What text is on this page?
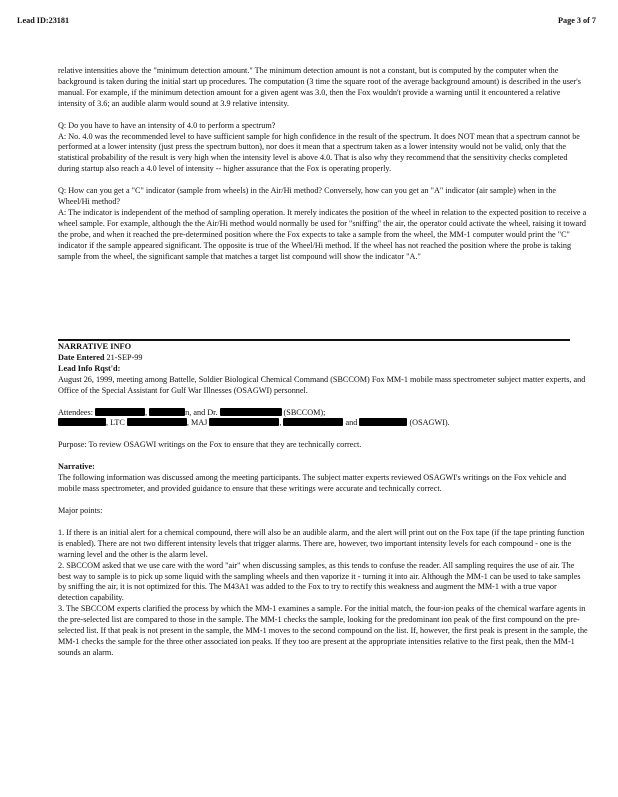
Lead ID:23181	Page 3 of 7

relative intensities above the "minimum detection amount." The minimum detection amount is not a constant, but is computed by the computer when the background is taken during the initial start up procedures. The computation (3 time the square root of the average background amount) is described in the user's manual. For example, if the minimum detection amount for a given agent was 3.0, then the Fox wouldn't provide a warning until it encountered a relative intensity of 3.6; an audible alarm would sound at 3.9 relative intensity.

Q: Do you have to have an intensity of 4.0 to perform a spectrum?

A: No. 4.0 was the recommended level to have sufficient sample for high confidence in the result of the spectrum. It does NOT mean that a spectrum cannot be performed at a lower intensity (just press the spectrum button), nor does it mean that a spectrum taken as a lower intensity would not be valid, only that the statistical probability of the result is very high when the intensity level is above 4.0. That is also why they recommend that the sensitivity checks completed during startup also reach a 4.0 level of intensity -- higher assurance that the Fox is operating properly.

Q: How can you get a "C" indicator (sample from wheels) in the Air/Hi method? Conversely, how can you get an "A" indicator (air sample) when in the Wheel/Hi method?

A: The indicator is independent of the method of sampling operation. It merely indicates the position of the wheel in relation to the expected position to receive a wheel sample. For example, although the the Air/Hi method would normally be used for "sniffing" the air, the operator could activate the wheel, raising it toward the probe, and when it reached the pre-determined position where the Fox expects to take a sample from the wheel, the MM-1 computer would print the "C" indicator if the sample appeared significant. The opposite is true of the Wheel/Hi method. If the wheel has not reached the position where the probe is taking sample from the wheel, the significant sample that matches a target list compound will show the indicator "A."

NARRATIVE INFO

Date Entered 21-SEP-99

Lead Info Rqst'd:

August 26, 1999, meeting among Battelle, Soldier Biological Chemical Command (SBCCOM) Fox MM-1 mobile mass spectrometer subject matter experts, and Office of the Special Assistant for Gulf War Illnesses (OSAGWI) personnel.

Attendees:	,	n, and Dr.	(SBCCOM);

, LTC	, MAJ	,	and	(OSAGWI).

Purpose: To review OSAGWI writings on the Fox to ensure that they are technically correct.

Narrative:

The following information was discussed among the meeting participants. The subject matter experts reviewed OSAGWI's writings on the Fox vehicle and mobile mass spectrometer, and provided guidance to ensure that these writings were accurate and technically correct.

Major points:

1. If there is an initial alert for a chemical compound, there will also be an audible alarm, and the alert will print out on the Fox tape (if the tape printing function is enabled). There are not two different intensity levels that trigger alarms. There are, however, two important intensity levels for each compound - one is the warning level and the other is the alarm level.

2. SBCCOM asked that we use care with the word "air" when discussing samples, as this tends to confuse the reader. All sampling requires the use of air. The best way to sample is to pick up some liquid with the sampling wheels and then vaporize it - turning it into air. Although the MM-1 can be used to take samples by sniffing the air, it is not optimized for this. The M43A1 was added to the Fox to try to rectify this weakness and augment the MM-1 with a true vapor detection capability.

3. The SBCCOM experts clarified the process by which the MM-1 examines a sample. For the initial match, the four-ion peaks of the chemical warfare agents in the pre-selected list are compared to those in the sample. The MM-1 checks the sample, looking for the predominant ion peak of the first compound on the pre-selected list. If that peak is not present in the sample, the MM-1 moves to the second compound on the list. If, however, the first peak is present in the sample, the MM-1 checks the sample for the three other associated ion peaks. If they too are present at the appropriate intensities relative to the first peak, then the MM-1 sounds an alarm.
